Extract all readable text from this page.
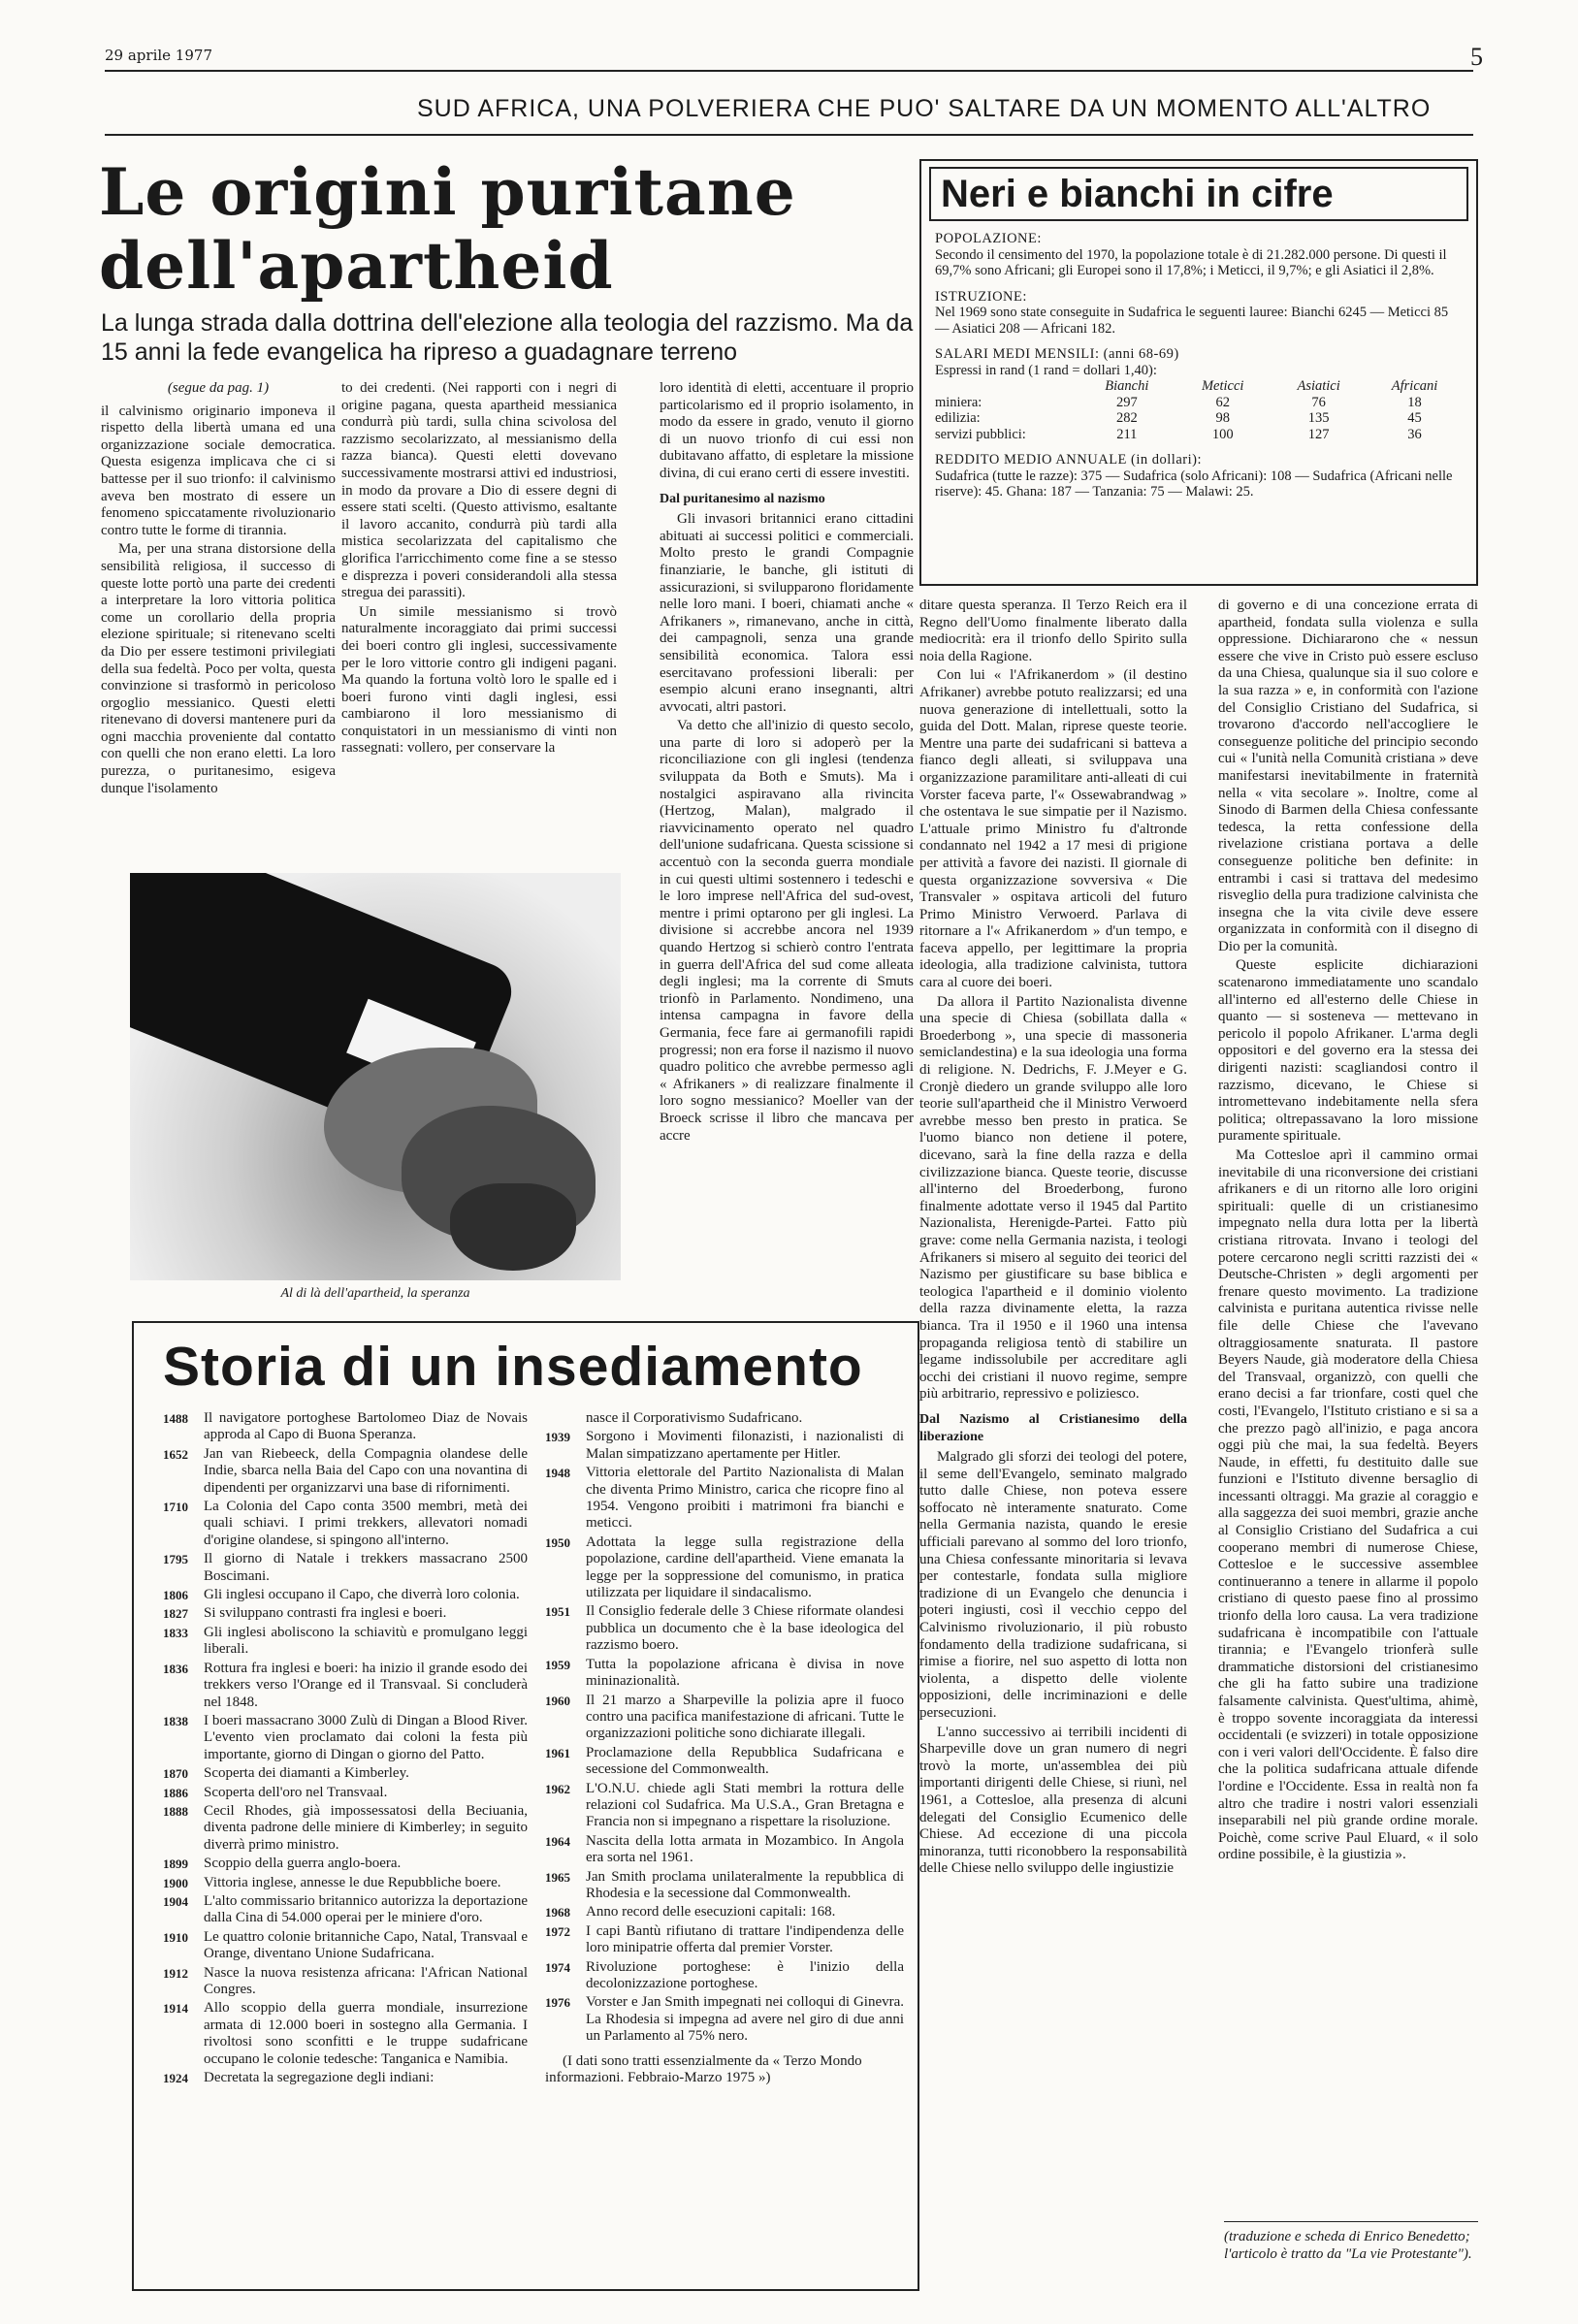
29 aprile 1977	5
SUD AFRICA, UNA POLVERIERA CHE PUO' SALTARE DA UN MOMENTO ALL'ALTRO
Le origini puritane dell'apartheid
La lunga strada dalla dottrina dell'elezione alla teologia del razzismo. Ma da 15 anni la fede evangelica ha ripreso a guadagnare terreno

(segue da pag. 1)

il calvinismo originario imponeva il rispetto della libertà umana ed una organizzazione sociale democratica. Questa esigenza implicava che ci si battesse per il suo trionfo: il calvinismo aveva ben mostrato di essere un fenomeno spiccatamente rivoluzionario contro tutte le forme di tirannia.

Ma, per una strana distorsione della sensibilità religiosa, il successo di queste lotte portò una parte dei credenti a interpretare la loro vittoria politica come un corollario della propria elezione spirituale; si ritenevano scelti da Dio per essere testimoni privilegiati della sua fedeltà. Poco per volta, questa convinzione si trasformò in pericoloso orgoglio messianico. Questi eletti ritenevano di doversi mantenere puri da ogni macchia proveniente dal contatto con quelli che non erano eletti. La loro purezza, o puritanesimo, esigeva dunque l'isolamento

to dei credenti. (Nei rapporti con i negri di origine pagana, questa apartheid messianica condurrà più tardi, sulla china scivolosa del razzismo secolarizzato, al messianismo della razza bianca). Questi eletti dovevano successivamente mostrarsi attivi ed industriosi, in modo da provare a Dio di essere degni di essere stati scelti. (Questo attivismo, esaltante il lavoro accanito, condurrà più tardi alla mistica secolarizzata del capitalismo che glorifica l'arricchimento come fine a se stesso e disprezza i poveri considerandoli alla stessa stregua dei parassiti).

Un simile messianismo si trovò naturalmente incoraggiato dai primi successi dei boeri contro gli inglesi, successivamente per le loro vittorie contro gli indigeni pagani. Ma quando la fortuna voltò loro le spalle ed i boeri furono vinti dagli inglesi, essi cambiarono il loro messianismo di conquistatori in un messianismo di vinti non rassegnati: vollero, per conservare la

loro identità di eletti, accentuare il proprio particolarismo ed il proprio isolamento, in modo da essere in grado, venuto il giorno di un nuovo trionfo di cui essi non dubitavano affatto, di espletare la missione divina, di cui erano certi di essere investiti.

Dal puritanesimo al nazismo

Gli invasori britannici erano cittadini abituati ai successi politici e commerciali. Molto presto le grandi Compagnie finanziarie, le banche, gli istituti di assicurazioni, si svilupparono floridamente nelle loro mani. I boeri, chiamati anche « Afrikaners », rimanevano, anche in città, dei campagnoli, senza una grande sensibilità economica. Talora essi esercitavano professioni liberali: per esempio alcuni erano insegnanti, altri avvocati, altri pastori.

Va detto che all'inizio di questo secolo, una parte di loro si adoperò per la riconciliazione con gli inglesi (tendenza sviluppata da Both e Smuts). Ma i nostalgici aspiravano alla rivincita (Hertzog, Malan), malgrado il riavvicinamento operato nel quadro dell'unione sudafricana. Questa scissione si accentuò con la seconda guerra mondiale in cui questi ultimi sostennero i tedeschi e le loro imprese nell'Africa del sud-ovest, mentre i primi optarono per gli inglesi. La divisione si accrebbe ancora nel 1939 quando Hertzog si schierò contro l'entrata in guerra dell'Africa del sud come alleata degli inglesi; ma la corrente di Smuts trionfò in Parlamento. Nondimeno, una intensa campagna in favore della Germania, fece fare ai germanofili rapidi progressi; non era forse il nazismo il nuovo quadro politico che avrebbe permesso agli « Afrikaners » di realizzare finalmente il loro sogno messianico? Moeller van der Broeck scrisse il libro che mancava per accre

Al di là dell'apartheid, la speranza
Neri e bianchi in cifre
POPOLAZIONE:
Secondo il censimento del 1970, la popolazione totale è di 21.282.000 persone. Di questi il 69,7% sono Africani; gli Europei sono il 17,8%; i Meticci, il 9,7%; e gli Asiatici il 2,8%.
ISTRUZIONE:
Nel 1969 sono state conseguite in Sudafrica le seguenti lauree: Bianchi 6245 — Meticci 85 — Asiatici 208 — Africani 182.
SALARI MEDI MENSILI: (anni 68-69)
Espressi in rand (1 rand = dollari 1,40):
Bianchi	Meticci	Asiatici	Africani
miniera:	297	62	76	18
edilizia:	282	98	135	45
servizi pubblici:	211	100	127	36
REDDITO MEDIO ANNUALE (in dollari):
Sudafrica (tutte le razze): 375 — Sudafrica (solo Africani): 108 — Sudafrica (Africani nelle riserve): 45. Ghana: 187 — Tanzania: 75 — Malawi: 25.

ditare questa speranza. Il Terzo Reich era il Regno dell'Uomo finalmente liberato dalla mediocrità: era il trionfo dello Spirito sulla noia della Ragione.

Con lui « l'Afrikanerdom » (il destino Afrikaner) avrebbe potuto realizzarsi; ed una nuova generazione di intellettuali, sotto la guida del Dott. Malan, riprese queste teorie. Mentre una parte dei sudafricani si batteva a fianco degli alleati, si sviluppava una organizzazione paramilitare anti-alleati di cui Vorster faceva parte, l'« Ossewabrandwag » che ostentava le sue simpatie per il Nazismo. L'attuale primo Ministro fu d'altronde condannato nel 1942 a 17 mesi di prigione per attività a favore dei nazisti. Il giornale di questa organizzazione sovversiva « Die Transvaler » ospitava articoli del futuro Primo Ministro Verwoerd. Parlava di ritornare a l'« Afrikanerdom » d'un tempo, e faceva appello, per legittimare la propria ideologia, alla tradizione calvinista, tuttora cara al cuore dei boeri.

Da allora il Partito Nazionalista divenne una specie di Chiesa (sobillata dalla « Broederbong », una specie di massoneria semiclandestina) e la sua ideologia una forma di religione. N. Dedrichs, F. J.Meyer e G. Cronjè diedero un grande sviluppo alle loro teorie sull'apartheid che il Ministro Verwoerd avrebbe messo ben presto in pratica. Se l'uomo bianco non detiene il potere, dicevano, sarà la fine della razza e della civilizzazione bianca. Queste teorie, discusse all'interno del Broederbong, furono finalmente adottate verso il 1945 dal Partito Nazionalista, Herenigde-Partei. Fatto più grave: come nella Germania nazista, i teologi Afrikaners si misero al seguito dei teorici del Nazismo per giustificare su base biblica e teologica l'apartheid e il dominio violento della razza divinamente eletta, la razza bianca. Tra il 1950 e il 1960 una intensa propaganda religiosa tentò di stabilire un legame indissolubile per accreditare agli occhi dei cristiani il nuovo regime, sempre più arbitrario, repressivo e poliziesco.

Dal Nazismo al Cristianesimo della liberazione

Malgrado gli sforzi dei teologi del potere, il seme dell'Evangelo, seminato malgrado tutto dalle Chiese, non poteva essere soffocato nè interamente snaturato. Come nella Germania nazista, quando le eresie ufficiali parevano al sommo del loro trionfo, una Chiesa confessante minoritaria si levava per contestarle, fondata sulla migliore tradizione di un Evangelo che denuncia i poteri ingiusti, così il vecchio ceppo del Calvinismo rivoluzionario, il più robusto fondamento della tradizione sudafricana, si rimise a fiorire, nel suo aspetto di lotta non violenta, a dispetto delle violente opposizioni, delle incriminazioni e delle persecuzioni.

L'anno successivo ai terribili incidenti di Sharpeville dove un gran numero di negri trovò la morte, un'assemblea dei più importanti dirigenti delle Chiese, si riunì, nel 1961, a Cottesloe, alla presenza di alcuni delegati del Consiglio Ecumenico delle Chiese. Ad eccezione di una piccola minoranza, tutti riconobbero la responsabilità delle Chiese nello sviluppo delle ingiustizie

di governo e di una concezione errata di apartheid, fondata sulla violenza e sulla oppressione. Dichiararono che « nessun essere che vive in Cristo può essere escluso da una Chiesa, qualunque sia il suo colore e la sua razza » e, in conformità con l'azione del Consiglio Cristiano del Sudafrica, si trovarono d'accordo nell'accogliere le conseguenze politiche del principio secondo cui « l'unità nella Comunità cristiana » deve manifestarsi inevitabilmente in fraternità nella « vita secolare ». Inoltre, come al Sinodo di Barmen della Chiesa confessante tedesca, la retta confessione della rivelazione cristiana portava a delle conseguenze politiche ben definite: in entrambi i casi si trattava del medesimo risveglio della pura tradizione calvinista che insegna che la vita civile deve essere organizzata in conformità con il disegno di Dio per la comunità.

Queste esplicite dichiarazioni scatenarono immediatamente uno scandalo all'interno ed all'esterno delle Chiese in quanto — si sosteneva — mettevano in pericolo il popolo Afrikaner. L'arma degli oppositori e del governo era la stessa dei dirigenti nazisti: scagliandosi contro il razzismo, dicevano, le Chiese si intromettevano indebitamente nella sfera politica; oltrepassavano la loro missione puramente spirituale.

Ma Cottesloe aprì il cammino ormai inevitabile di una riconversione dei cristiani afrikaners e di un ritorno alle loro origini spirituali: quelle di un cristianesimo impegnato nella dura lotta per la libertà cristiana ritrovata. Invano i teologi del potere cercarono negli scritti razzisti dei « Deutsche-Christen » degli argomenti per frenare questo movimento. La tradizione calvinista e puritana autentica rivisse nelle file delle Chiese che l'avevano oltraggiosamente snaturata. Il pastore Beyers Naude, già moderatore della Chiesa del Transvaal, organizzò, con quelli che erano decisi a far trionfare, costi quel che costi, l'Evangelo, l'Istituto cristiano e si sa a che prezzo pagò all'inizio, e paga ancora oggi più che mai, la sua fedeltà. Beyers Naude, in effetti, fu destituito dalle sue funzioni e l'Istituto divenne bersaglio di incessanti oltraggi. Ma grazie al coraggio e alla saggezza dei suoi membri, grazie anche al Consiglio Cristiano del Sudafrica a cui cooperano membri di numerose Chiese, Cottesloe e le successive assemblee continueranno a tenere in allarme il popolo cristiano di questo paese fino al prossimo trionfo della loro causa. La vera tradizione sudafricana è incompatibile con l'attuale tirannia; e l'Evangelo trionferà sulle drammatiche distorsioni del cristianesimo che gli ha fatto subire una tradizione falsamente calvinista. Quest'ultima, ahimè, è troppo sovente incoraggiata da interessi occidentali (e svizzeri) in totale opposizione con i veri valori dell'Occidente. È falso dire che la politica sudafricana attuale difende l'ordine e l'Occidente. Essa in realtà non fa altro che tradire i nostri valori essenziali inseparabili nel più grande ordine morale. Poichè, come scrive Paul Eluard, « il solo ordine possibile, è la giustizia ».

(traduzione e scheda di Enrico Benedetto; l'articolo è tratto da "La vie Protestante").
Storia di un insediamento
1488	Il navigatore portoghese Bartolomeo Diaz de Novais approda al Capo di Buona Speranza.
1652	Jan van Riebeeck, della Compagnia olandese delle Indie, sbarca nella Baia del Capo con una novantina di dipendenti per organizzarvi una base di rifornimenti.
1710	La Colonia del Capo conta 3500 membri, metà dei quali schiavi. I primi trekkers, allevatori nomadi d'origine olandese, si spingono all'interno.
1795	Il giorno di Natale i trekkers massacrano 2500 Boscimani.
1806	Gli inglesi occupano il Capo, che diverrà loro colonia.
1827	Si sviluppano contrasti fra inglesi e boeri.
1833	Gli inglesi aboliscono la schiavitù e promulgano leggi liberali.
1836	Rottura fra inglesi e boeri: ha inizio il grande esodo dei trekkers verso l'Orange ed il Transvaal. Si concluderà nel 1848.
1838	I boeri massacrano 3000 Zulù di Dingan a Blood River. L'evento vien proclamato dai coloni la festa più importante, giorno di Dingan o giorno del Patto.
1870	Scoperta dei diamanti a Kimberley.
1886	Scoperta dell'oro nel Transvaal.
1888	Cecil Rhodes, già impossessatosi della Beciuania, diventa padrone delle miniere di Kimberley; in seguito diverrà primo ministro.
1899	Scoppio della guerra anglo-boera.
1900	Vittoria inglese, annesse le due Repubbliche boere.
1904	L'alto commissario britannico autorizza la deportazione dalla Cina di 54.000 operai per le miniere d'oro.
1910	Le quattro colonie britanniche Capo, Natal, Transvaal e Orange, diventano Unione Sudafricana.
1912	Nasce la nuova resistenza africana: l'African National Congres.
1914	Allo scoppio della guerra mondiale, insurrezione armata di 12.000 boeri in sostegno alla Germania. I rivoltosi sono sconfitti e le truppe sudafricane occupano le colonie tedesche: Tanganica e Namibia.
1924	Decretata la segregazione degli indiani:
nasce il Corporativismo Sudafricano.
1939	Sorgono i Movimenti filonazisti, i nazionalisti di Malan simpatizzano apertamente per Hitler.
1948	Vittoria elettorale del Partito Nazionalista di Malan che diventa Primo Ministro, carica che ricopre fino al 1954. Vengono proibiti i matrimoni fra bianchi e meticci.
1950	Adottata la legge sulla registrazione della popolazione, cardine dell'apartheid. Viene emanata la legge per la soppressione del comunismo, in pratica utilizzata per liquidare il sindacalismo.
1951	Il Consiglio federale delle 3 Chiese riformate olandesi pubblica un documento che è la base ideologica del razzismo boero.
1959	Tutta la popolazione africana è divisa in nove mininazionalità.
1960	Il 21 marzo a Sharpeville la polizia apre il fuoco contro una pacifica manifestazione di africani. Tutte le organizzazioni politiche sono dichiarate illegali.
1961	Proclamazione della Repubblica Sudafricana e secessione del Commonwealth.
1962	L'O.N.U. chiede agli Stati membri la rottura delle relazioni col Sudafrica. Ma U.S.A., Gran Bretagna e Francia non si impegnano a rispettare la risoluzione.
1964	Nascita della lotta armata in Mozambico. In Angola era sorta nel 1961.
1965	Jan Smith proclama unilateralmente la repubblica di Rhodesia e la secessione dal Commonwealth.
1968	Anno record delle esecuzioni capitali: 168.
1972	I capi Bantù rifiutano di trattare l'indipendenza delle loro minipatrie offerta dal premier Vorster.
1974	Rivoluzione portoghese: è l'inizio della decolonizzazione portoghese.
1976	Vorster e Jan Smith impegnati nei colloqui di Ginevra. La Rhodesia si impegna ad avere nel giro di due anni un Parlamento al 75% nero.
(I dati sono tratti essenzialmente da « Terzo Mondo informazioni. Febbraio-Marzo 1975 »)
